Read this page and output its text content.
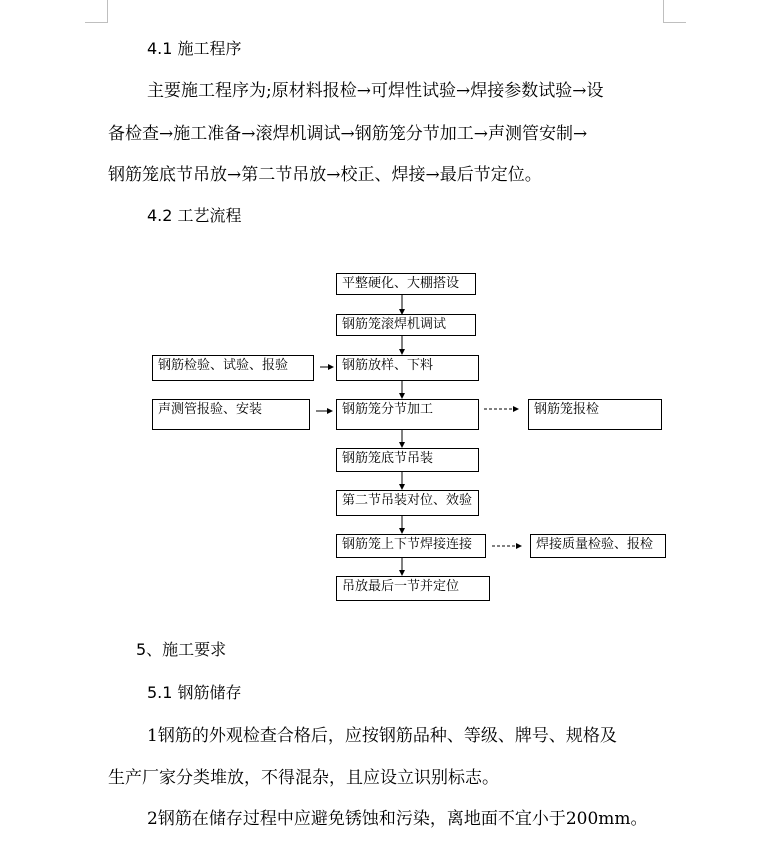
4.1 施工程序
主要施工程序为;原材料报检→可焊性试验→焊接参数试验→设
备检查→施工准备→滚焊机调试→钢筋笼分节加工→声测管安制→
钢筋笼底节吊放→第二节吊放→校正、焊接→最后节定位。
4.2 工艺流程
平整硬化、大棚搭设
钢筋笼滚焊机调试
钢筋检验、试验、报验	钢筋放样、下料
声测管报验、安装	钢筋笼分节加工	钢筋笼报检
钢筋笼底节吊装
第二节吊装对位、效验
钢筋笼上下节焊接连接	焊接质量检验、报检
吊放最后一节并定位
5、施工要求
5.1 钢筋储存
1钢筋的外观检查合格后，应按钢筋品种、等级、牌号、规格及
生产厂家分类堆放，不得混杂，且应设立识别标志。
2钢筋在储存过程中应避免锈蚀和污染，离地面不宜小于200mm。
